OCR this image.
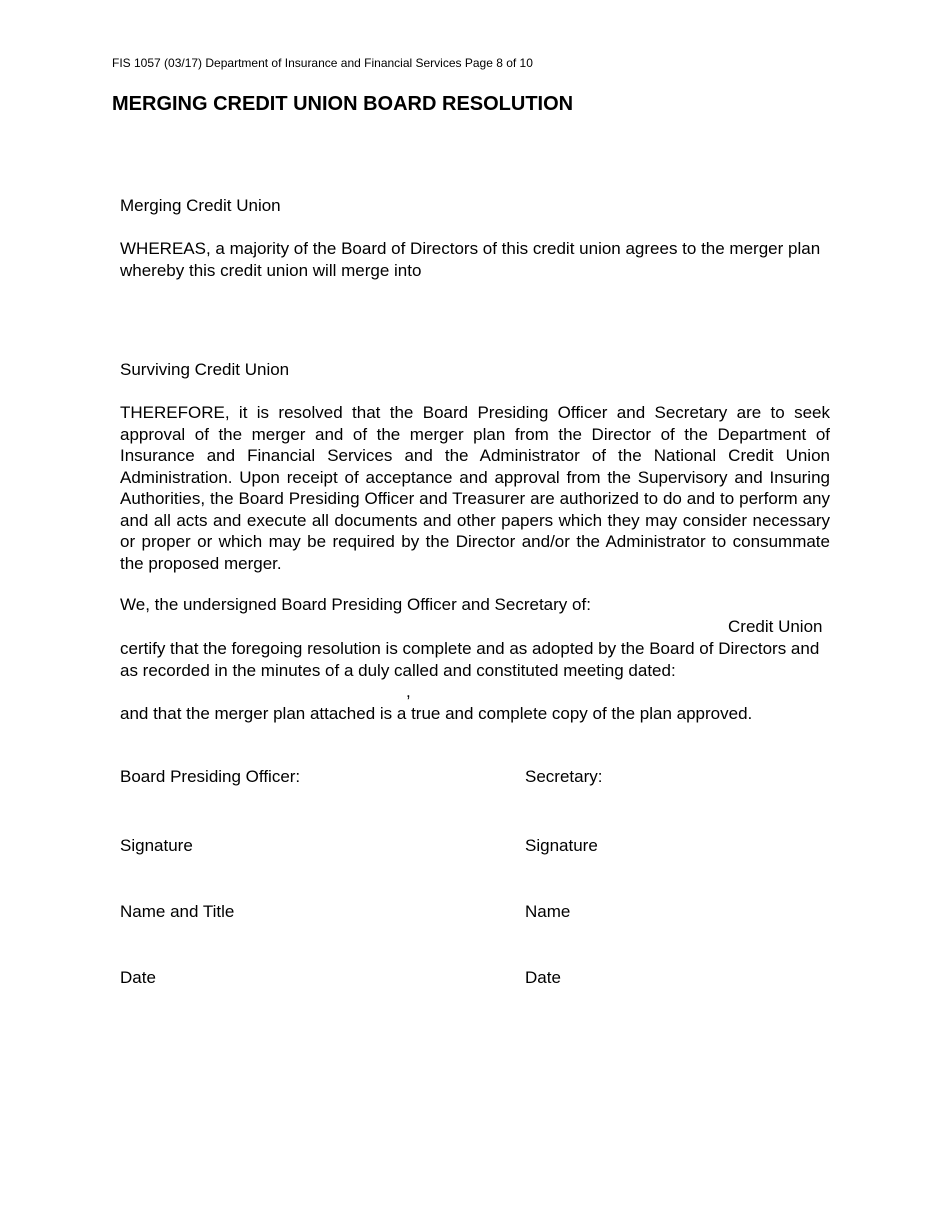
FIS 1057 (03/17) Department of Insurance and Financial Services Page 8 of 10
MERGING CREDIT UNION BOARD RESOLUTION
Merging Credit Union
WHEREAS, a majority of the Board of Directors of this credit union agrees to the merger plan whereby this credit union will merge into
Surviving Credit Union
THEREFORE, it is resolved that the Board Presiding Officer and Secretary are to seek approval of the merger and of the merger plan from the Director of the Department of Insurance and Financial Services and the Administrator of the National Credit Union Administration. Upon receipt of acceptance and approval from the Supervisory and Insuring Authorities, the Board Presiding Officer and Treasurer are authorized to do and to perform any and all acts and execute all documents and other papers which they may consider necessary or proper or which may be required by the Director and/or the Administrator to consummate the proposed merger.
We, the undersigned Board Presiding Officer and Secretary of:
Credit Union
certify that the foregoing resolution is complete and as adopted by the Board of Directors and as recorded in the minutes of a duly called and constituted meeting dated:
,
and that the merger plan attached is a true and complete copy of the plan approved.
Board Presiding Officer:	Secretary:
Signature	Signature
Name and Title	Name
Date	Date
